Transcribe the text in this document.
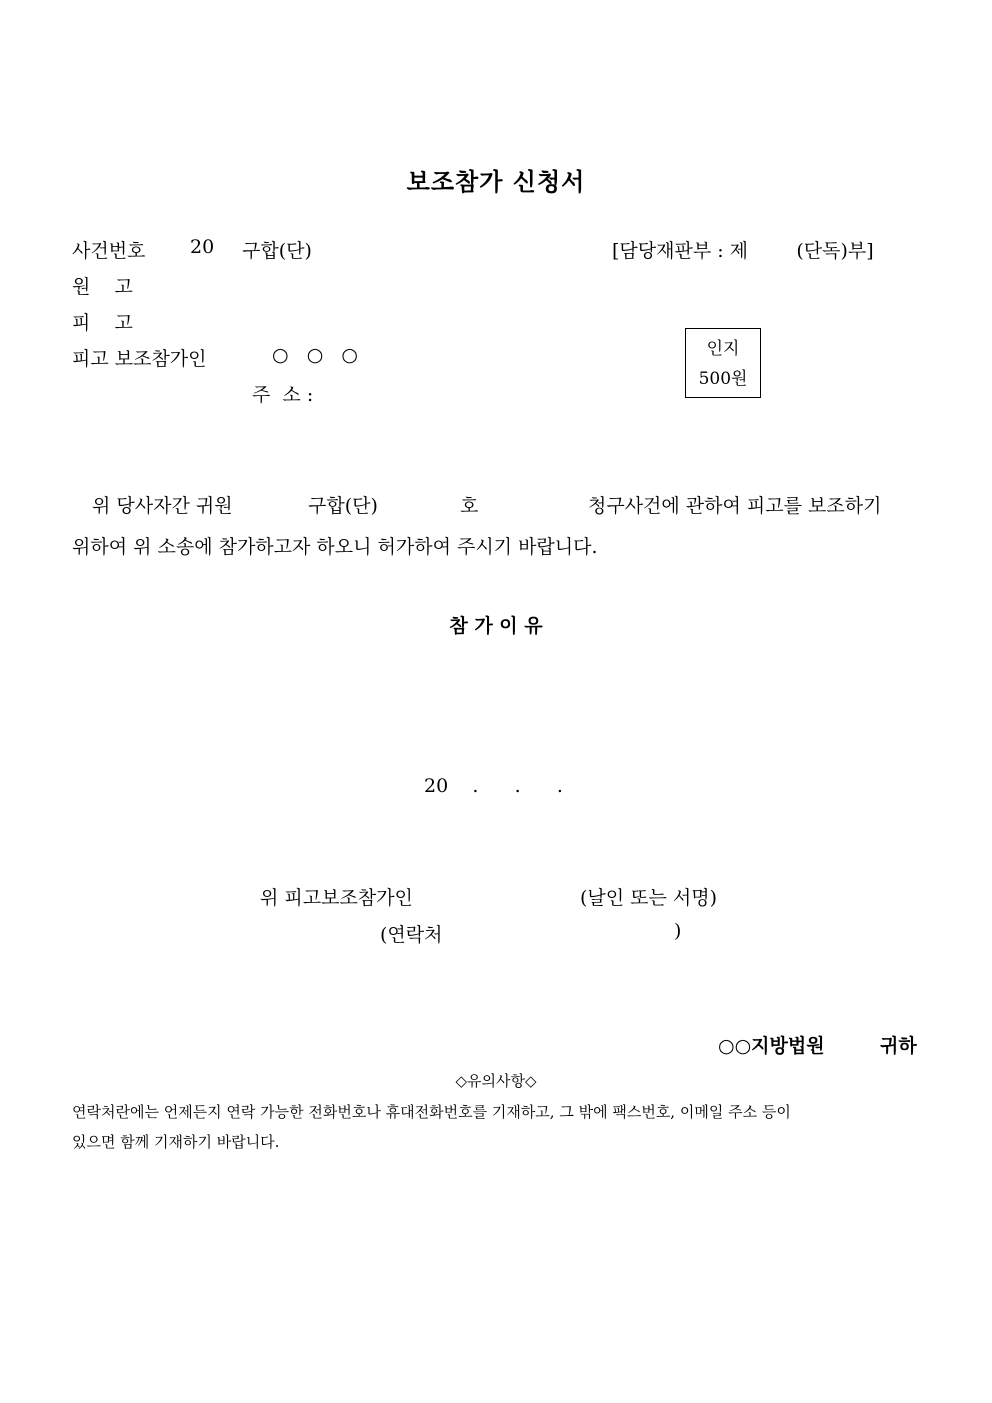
보조참가 신청서
사건번호 20 구합(단)	[담당재판부 : 제        (단독)부]
원    고
피    고
피고 보조참가인	○   ○   ○
주  소 :
인지
500원
위 당사자간 귀원	구합(단)	호	청구사건에 관하여 피고를 보조하기
위하여 위 소송에 참가하고자 하오니 허가하여 주시기 바랍니다.
참 가 이 유
20    .      .      .
위 피고보조참가인	(날인 또는 서명)
(연락처	)
○○지방법원	귀하
◇유의사항◇
연락처란에는 언제든지 연락 가능한 전화번호나 휴대전화번호를 기재하고, 그 밖에 팩스번호, 이메일 주소 등이
있으면 함께 기재하기 바랍니다.
